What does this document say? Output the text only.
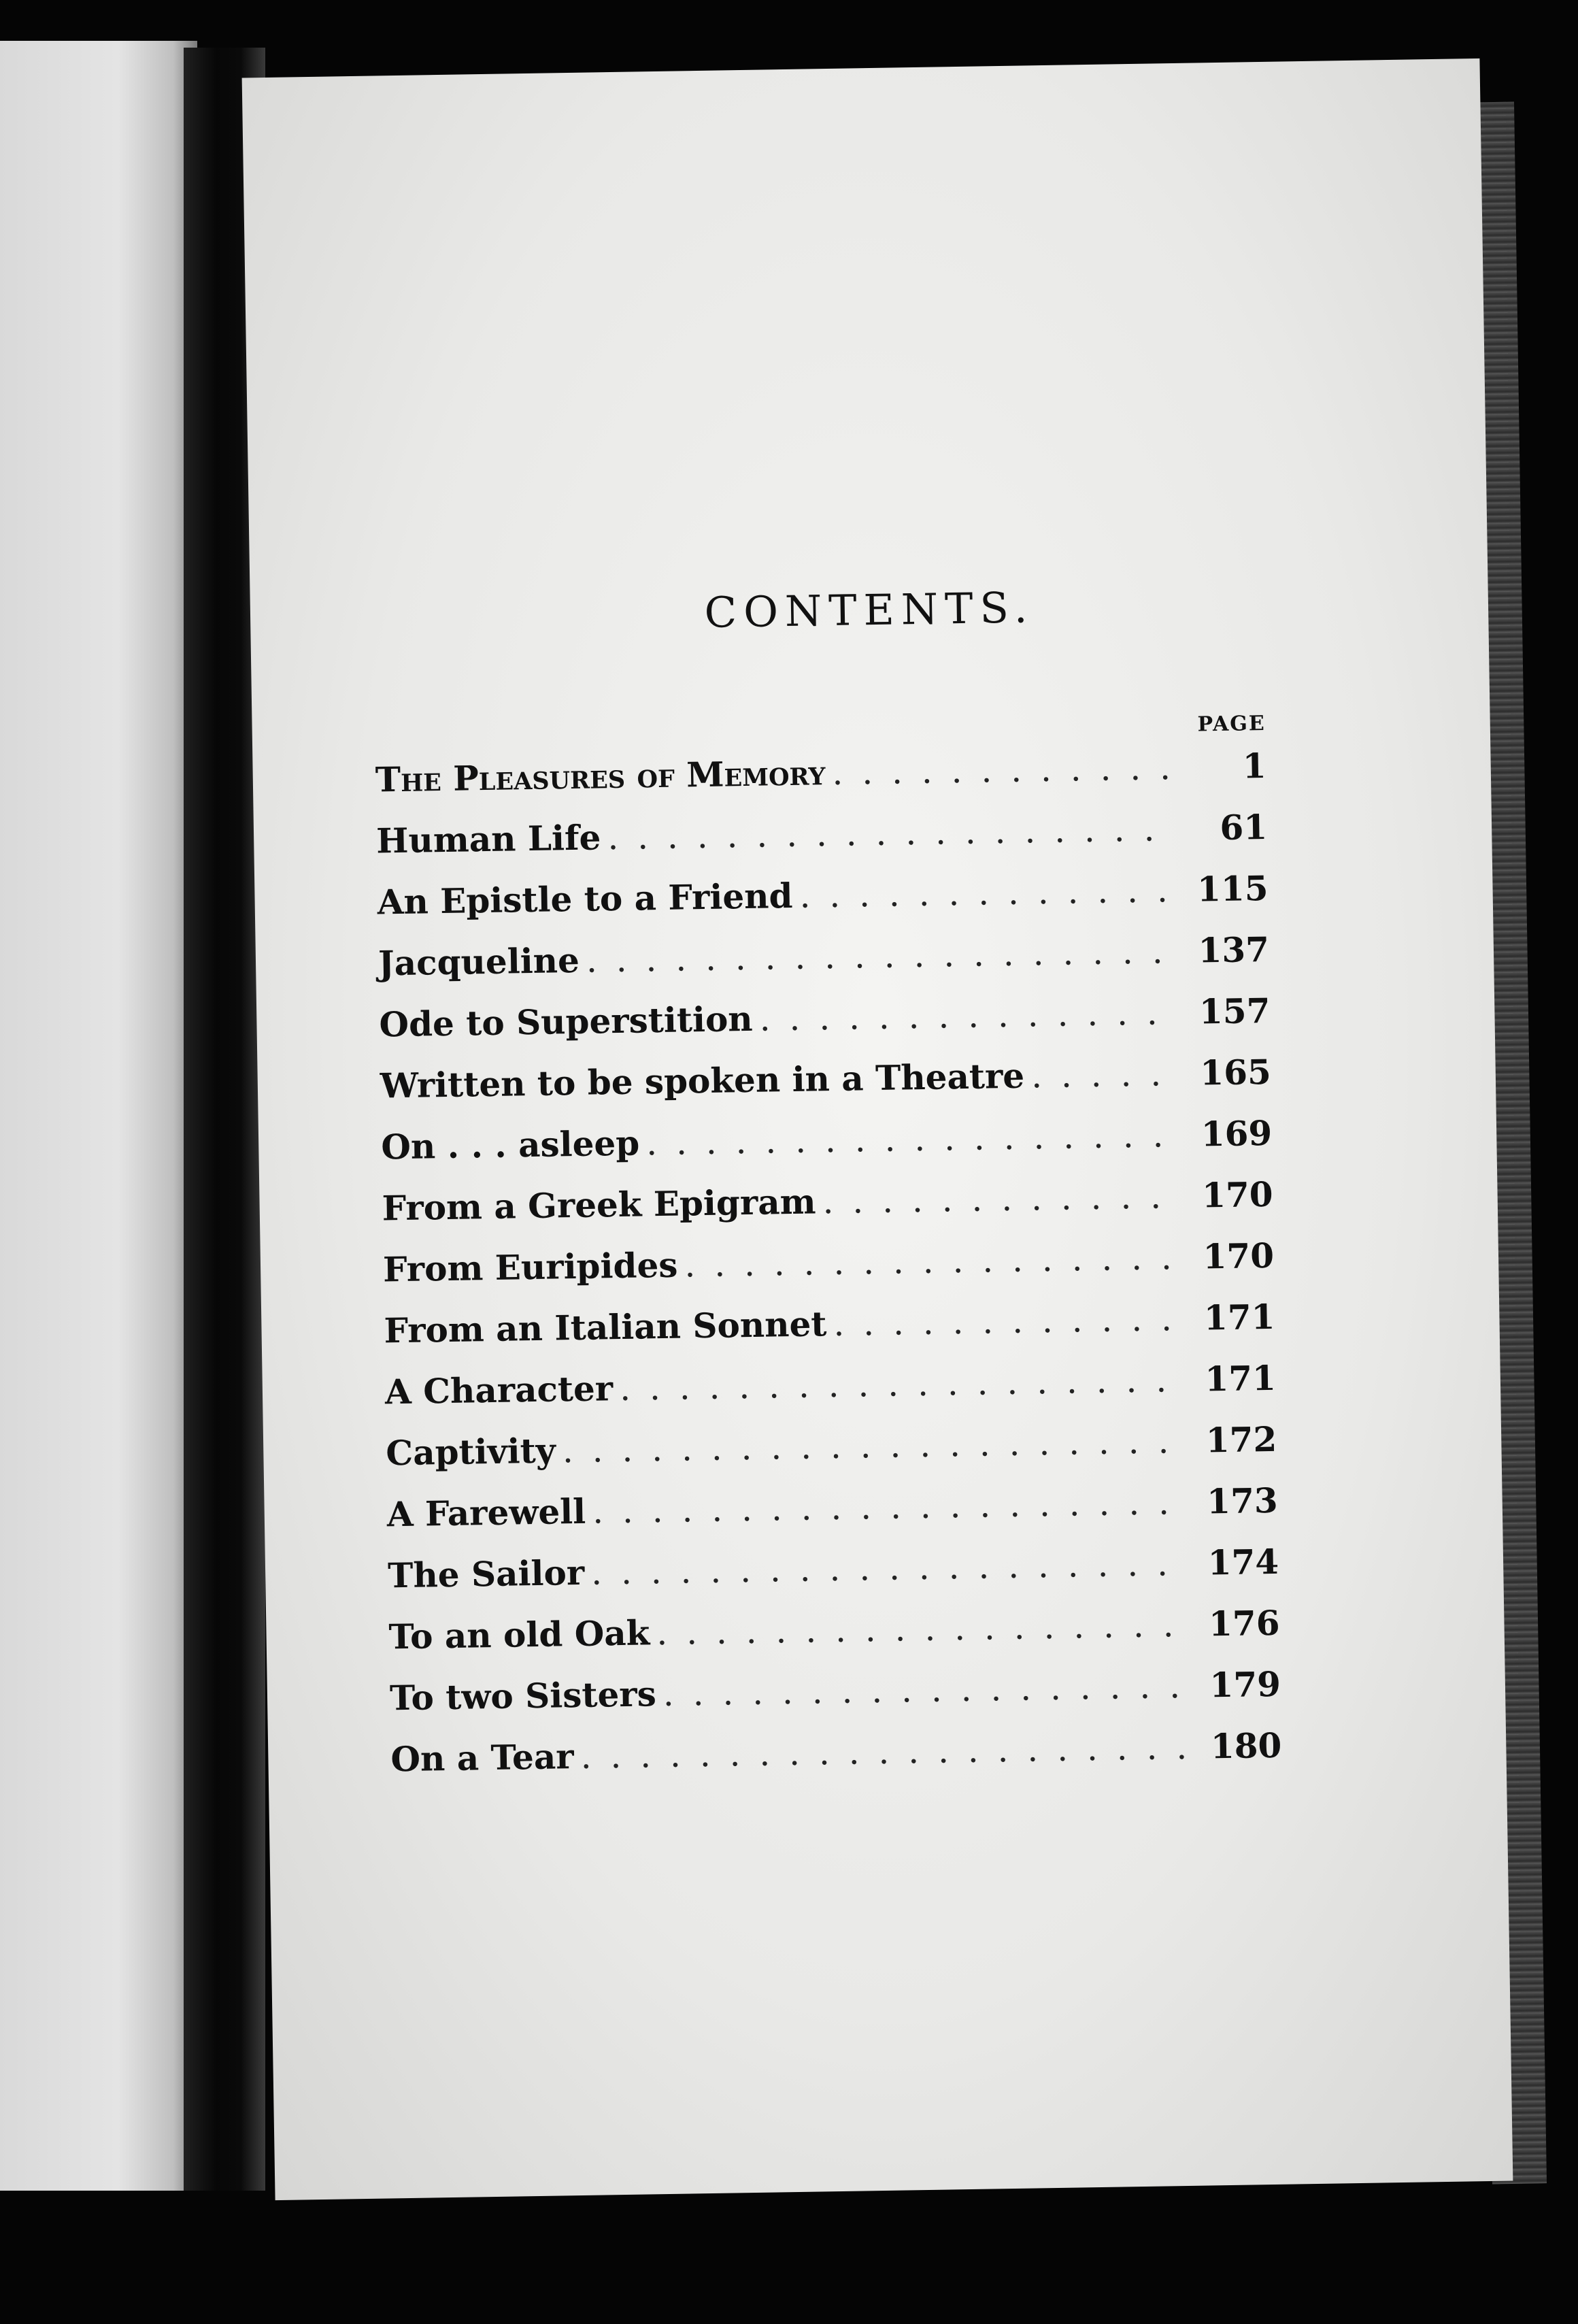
CONTENTS.
PAGE
The Pleasures of Memory . . .	1
Human Life . . .	61
An Epistle to a Friend . . .	115
Jacqueline . . .	137
Ode to Superstition . . .	157
Written to be spoken in a Theatre . . .	165
On . . . asleep . . .	169
From a Greek Epigram . . .	170
From Euripides . . .	170
From an Italian Sonnet . . .	171
A Character . . .	171
Captivity . . .	172
A Farewell . . .	173
The Sailor . . .	174
To an old Oak . . .	176
To two Sisters . . .	179
On a Tear . . .	180
